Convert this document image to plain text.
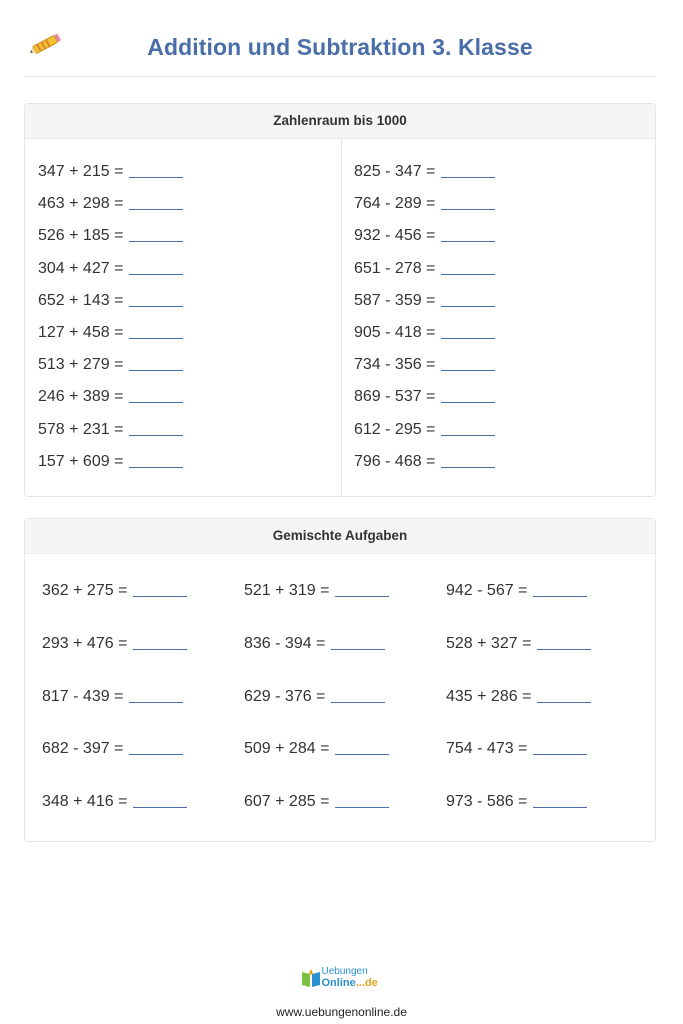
Addition und Subtraktion 3. Klasse
Zahlenraum bis 1000
347 + 215 =
463 + 298 =
526 + 185 =
304 + 427 =
652 + 143 =
127 + 458 =
513 + 279 =
246 + 389 =
578 + 231 =
157 + 609 =
825 - 347 =
764 - 289 =
932 - 456 =
651 - 278 =
587 - 359 =
905 - 418 =
734 - 356 =
869 - 537 =
612 - 295 =
796 - 468 =
Gemischte Aufgaben
362 + 275 =	521 + 319 =	942 - 567 =
293 + 476 =	836 - 394 =	528 + 327 =
817 - 439 =	629 - 376 =	435 + 286 =
682 - 397 =	509 + 284 =	754 - 473 =
348 + 416 =	607 + 285 =	973 - 586 =
Uebungen
Online...de
www.uebungenonline.de
